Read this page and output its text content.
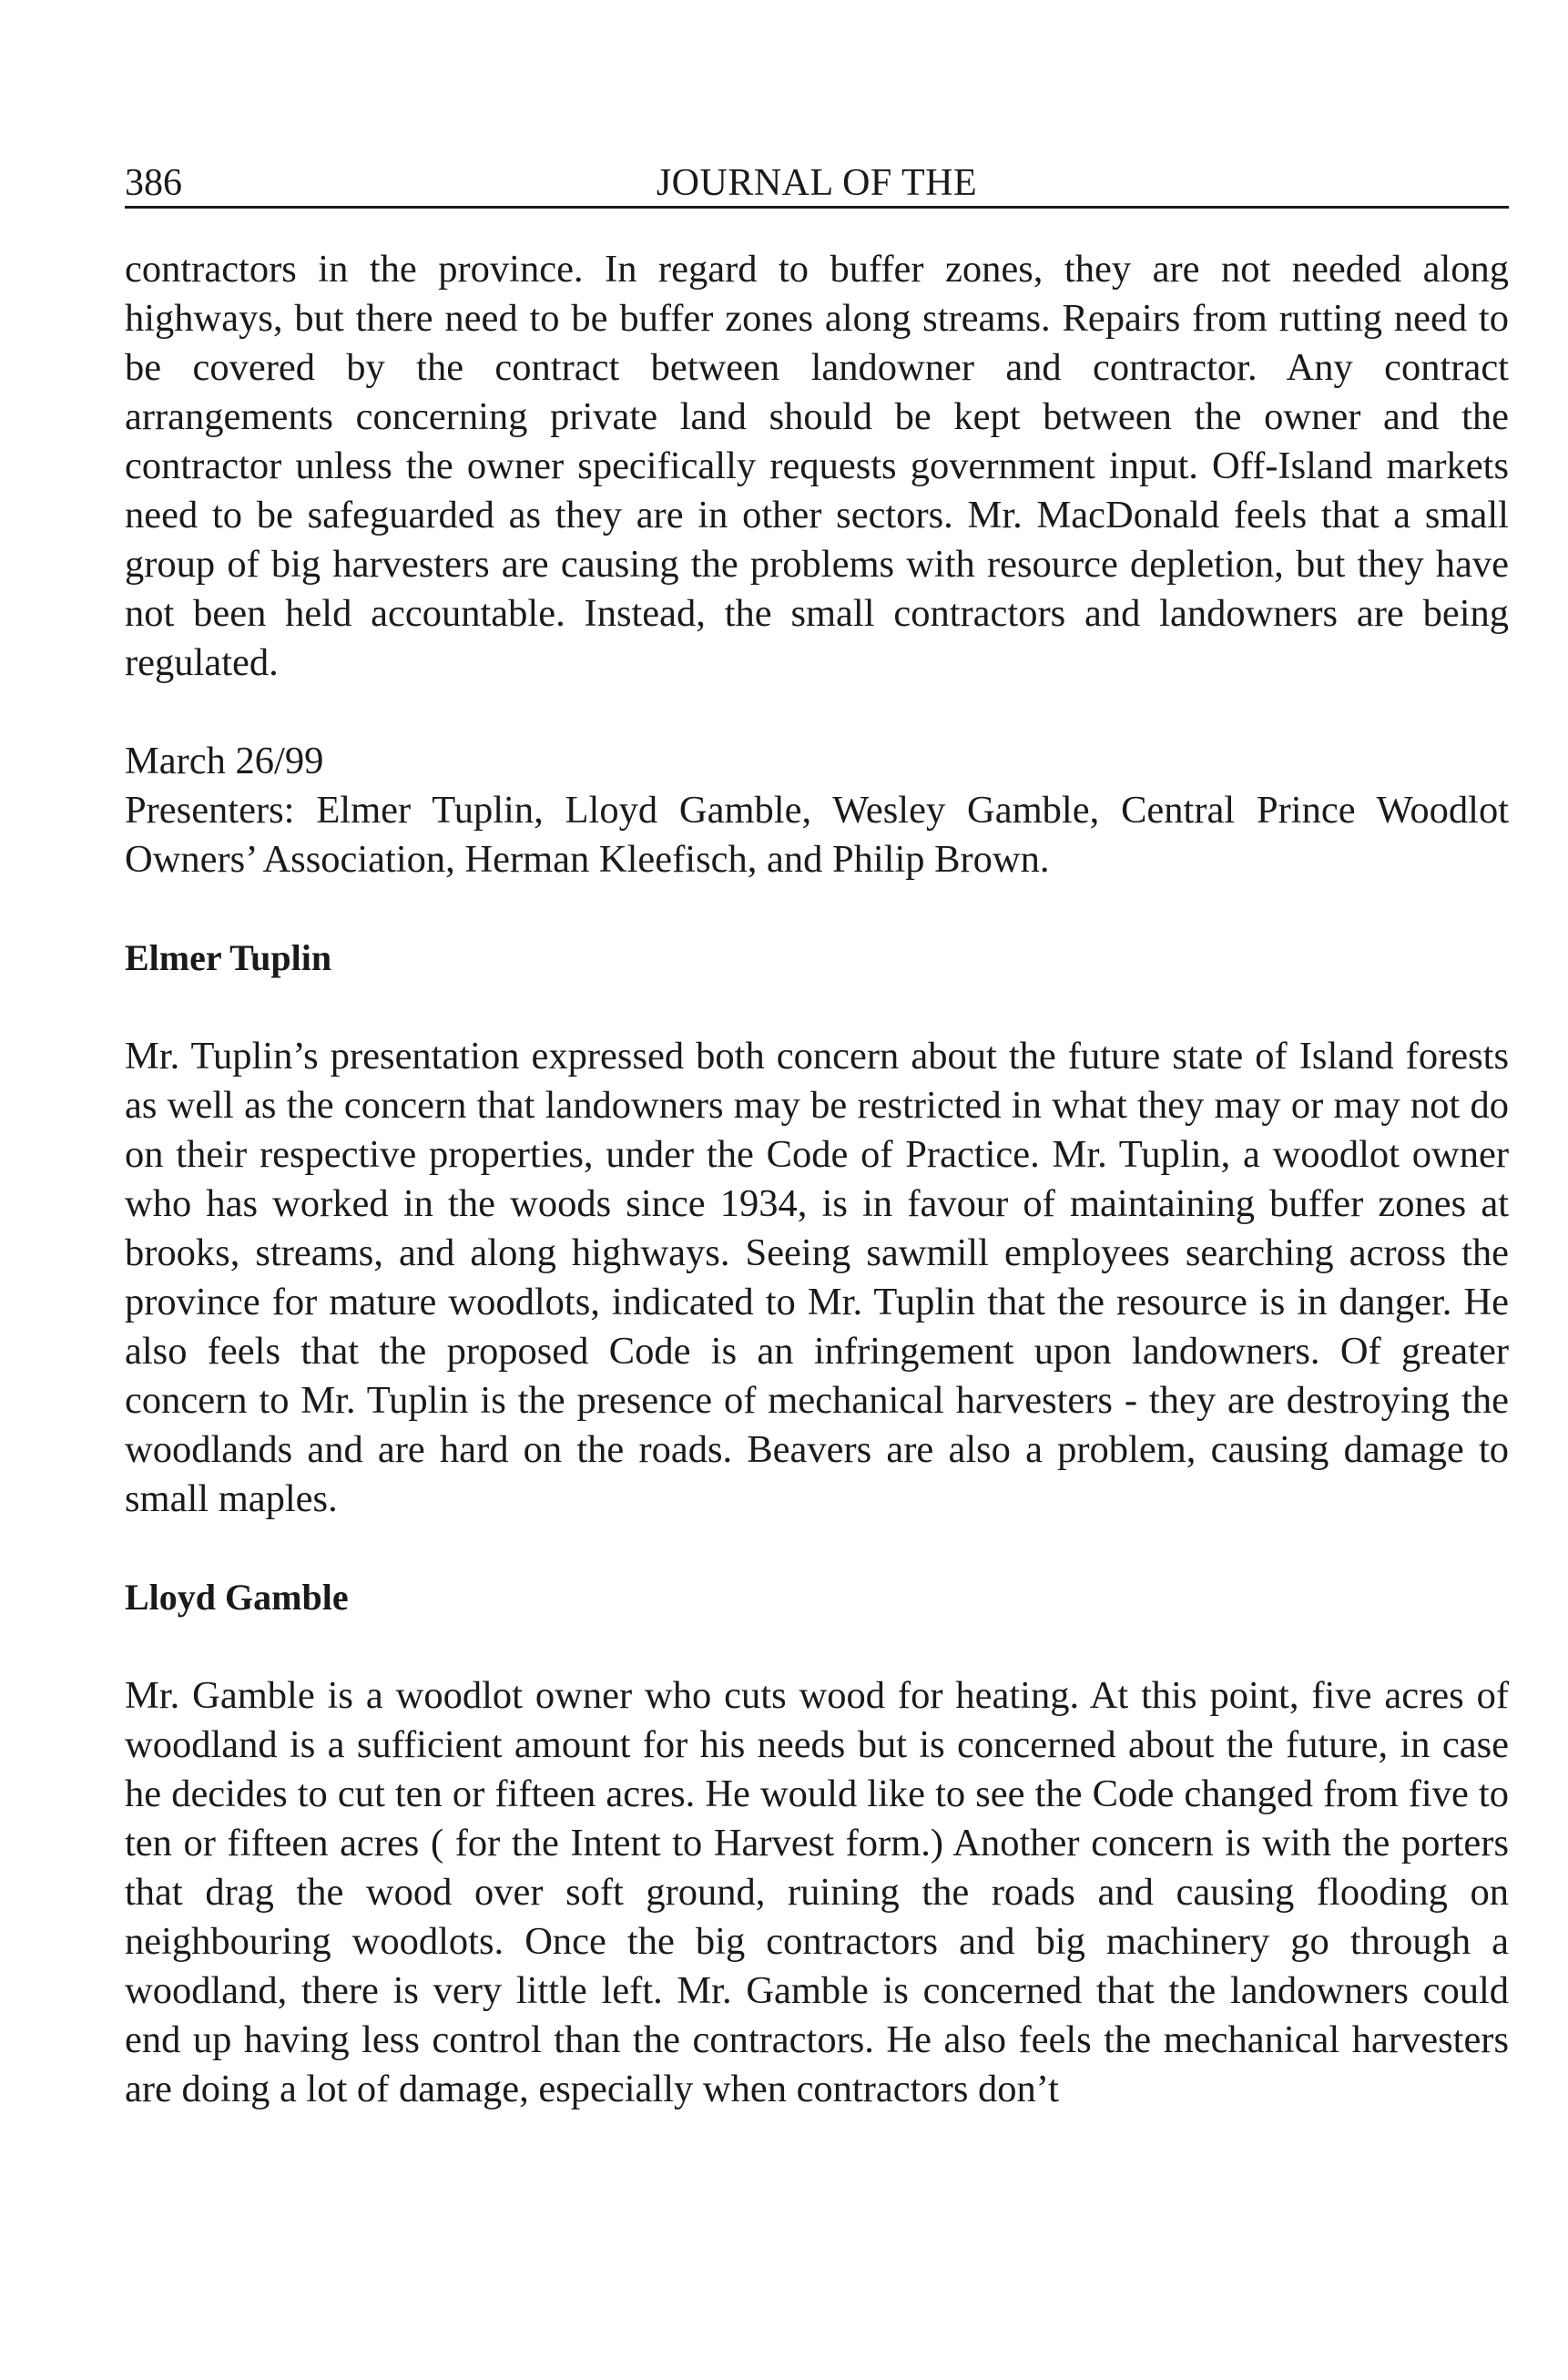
386	JOURNAL OF THE

contractors in the province. In regard to buffer zones, they are not needed along highways, but there need to be buffer zones along streams. Repairs from rutting need to be covered by the contract between landowner and contractor. Any contract arrangements concerning private land should be kept between the owner and the contractor unless the owner specifically requests government input. Off-Island markets need to be safeguarded as they are in other sectors. Mr. MacDonald feels that a small group of big harvesters are causing the problems with resource depletion, but they have not been held accountable. Instead, the small contractors and landowners are being regulated.

March 26/99

Presenters: Elmer Tuplin, Lloyd Gamble, Wesley Gamble, Central Prince Woodlot Owners’ Association, Herman Kleefisch, and Philip Brown.

Elmer Tuplin

Mr. Tuplin’s presentation expressed both concern about the future state of Island forests as well as the concern that landowners may be restricted in what they may or may not do on their respective properties, under the Code of Practice. Mr. Tuplin, a woodlot owner who has worked in the woods since 1934, is in favour of maintaining buffer zones at brooks, streams, and along highways. Seeing sawmill employees searching across the province for mature woodlots, indicated to Mr. Tuplin that the resource is in danger. He also feels that the proposed Code is an infringement upon landowners. Of greater concern to Mr. Tuplin is the presence of mechanical harvesters - they are destroying the woodlands and are hard on the roads. Beavers are also a problem, causing damage to small maples.

Lloyd Gamble

Mr. Gamble is a woodlot owner who cuts wood for heating. At this point, five acres of woodland is a sufficient amount for his needs but is concerned about the future, in case he decides to cut ten or fifteen acres. He would like to see the Code changed from five to ten or fifteen acres ( for the Intent to Harvest form.) Another concern is with the porters that drag the wood over soft ground, ruining the roads and causing flooding on neighbouring woodlots. Once the big contractors and big machinery go through a woodland, there is very little left. Mr. Gamble is concerned that the landowners could end up having less control than the contractors. He also feels the mechanical harvesters are doing a lot of damage, especially when contractors don’t
